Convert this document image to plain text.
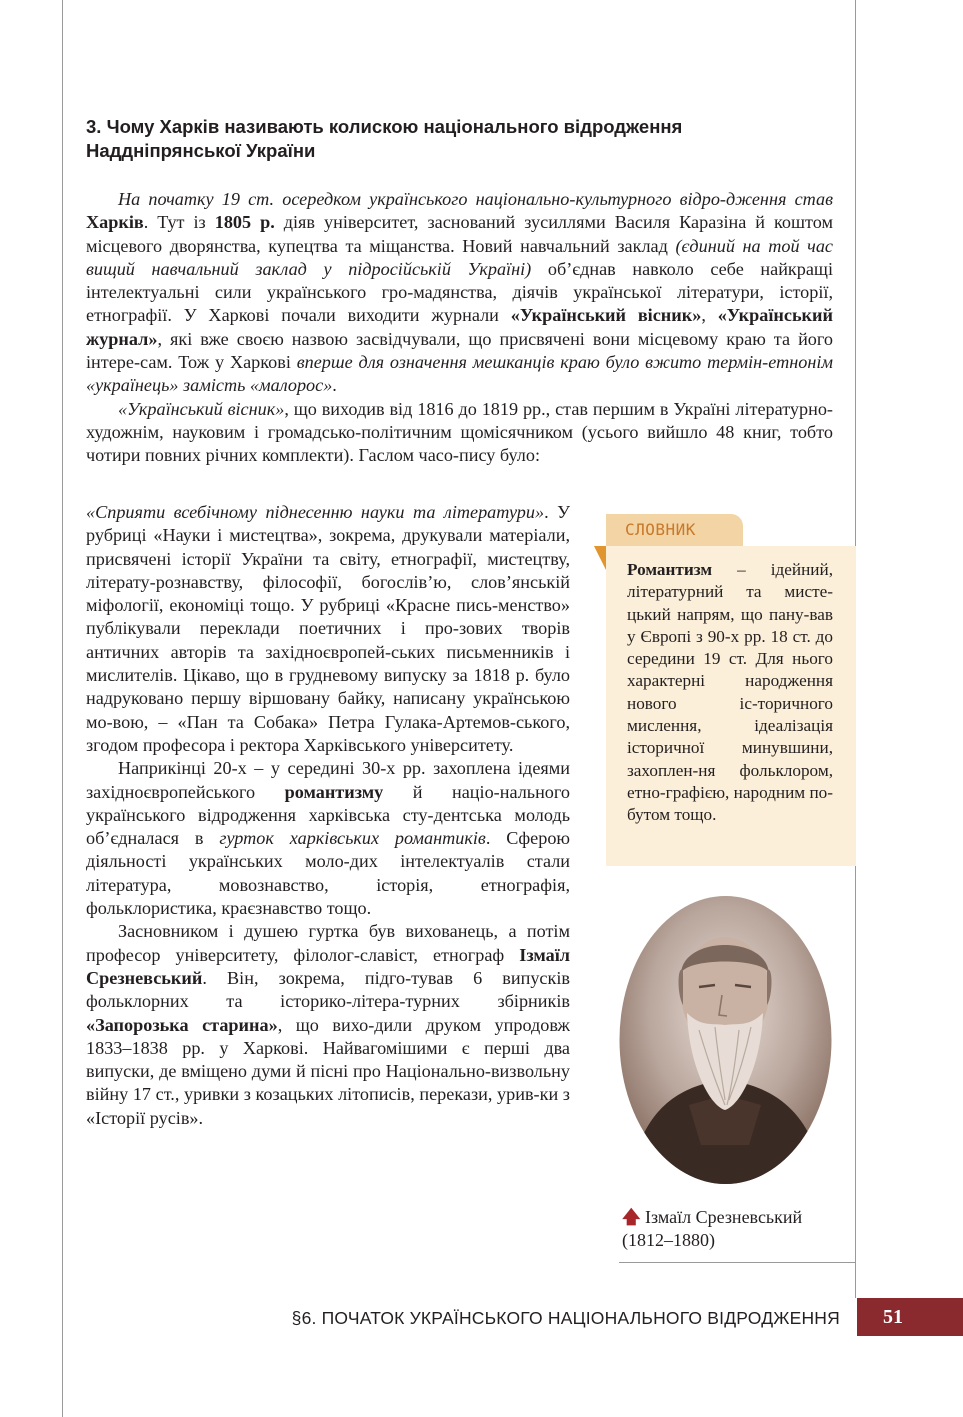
3. Чому Харків називають колискою національного відродження
Наддніпрянської України

На початку 19 ст. осередком українського національно-культурного відро-дження став Харків. Тут із 1805 р. діяв університет, заснований зусиллями Василя Каразіна й коштом місцевого дворянства, купецтва та міщанства. Новий навчальний заклад (єдиний на той час вищий навчальний заклад у підросійській Україні) об’єднав навколо себе найкращі інтелектуальні сили українського гро-мадянства, діячів української літератури, історії, етнографії. У Харкові почали виходити журнали «Український вісник», «Український журнал», які вже своєю назвою засвідчували, що присвячені вони місцевому краю та його інтере-сам. Тож у Харкові вперше для означення мешканців краю було вжито термін-етнонім «українець» замість «малорос».

«Український вісник», що виходив від 1816 до 1819 рр., став першим в Україні літературно-художнім, науковим і громадсько-політичним щомісячником (усього вийшло 48 книг, тобто чотири повних річних комплекти). Гаслом часо-пису було:

«Сприяти всебічному піднесенню науки та літератури». У рубриці «Науки і мистецтва», зокрема, друкували матеріали, присвячені історії України та світу, етнографії, мистецтву, літерату-рознавству, філософії, богослів’ю, слов’янській міфології, економіці тощо. У рубриці «Красне пись-менство» публікували переклади поетичних і про-зових творів античних авторів та західноєвропей-ських письменників і мислителів. Цікаво, що в грудневому випуску за 1818 р. було надруковано першу віршовану байку, написану українською мо-вою, – «Пан та Собака» Петра Гулака-Артемов-ського, згодом професора і ректора Харківського університету.

Наприкінці 20-х – у середині 30-х рр. захоплена ідеями західноєвропейського романтизму й націо-нального українського відродження харківська сту-дентська молодь об’єдналася в гурток харківських романтиків. Сферою діяльності українських моло-дих інтелектуалів стали література, мовознавство, історія, етнографія, фольклористика, краєзнавство тощо.

Засновником і душею гуртка був вихованець, а потім професор університету, філолог-славіст, етнограф Ізмаїл Срезневський. Він, зокрема, підго-тував 6 випусків фольклорних та історико-літера-турних збірників «Запорозька старина», що вихо-дили друком упродовж 1833–1838 рр. у Харкові. Найвагомішими є перші два випуски, де вміщено думи й пісні про Національно-визвольну війну 17 ст., уривки з козацьких літописів, перекази, урив-ки з «Історії русів».

СЛОВНИК

Романтизм – ідейний, літературний та мисте-цький напрям, що пану-вав у Європі з 90-х рр. 18 ст. до середини 19 ст. Для нього характерні народження нового іс-торичного мислення, ідеалізація історичної минувшини, захоплен-ня фольклором, етно-графією, народним по-бутом тощо.

🡅 Ізмаїл Срезневський
(1812–1880)
§6. ПОЧАТОК УКРАЇНСЬКОГО НАЦІОНАЛЬНОГО ВІДРОДЖЕННЯ	51
